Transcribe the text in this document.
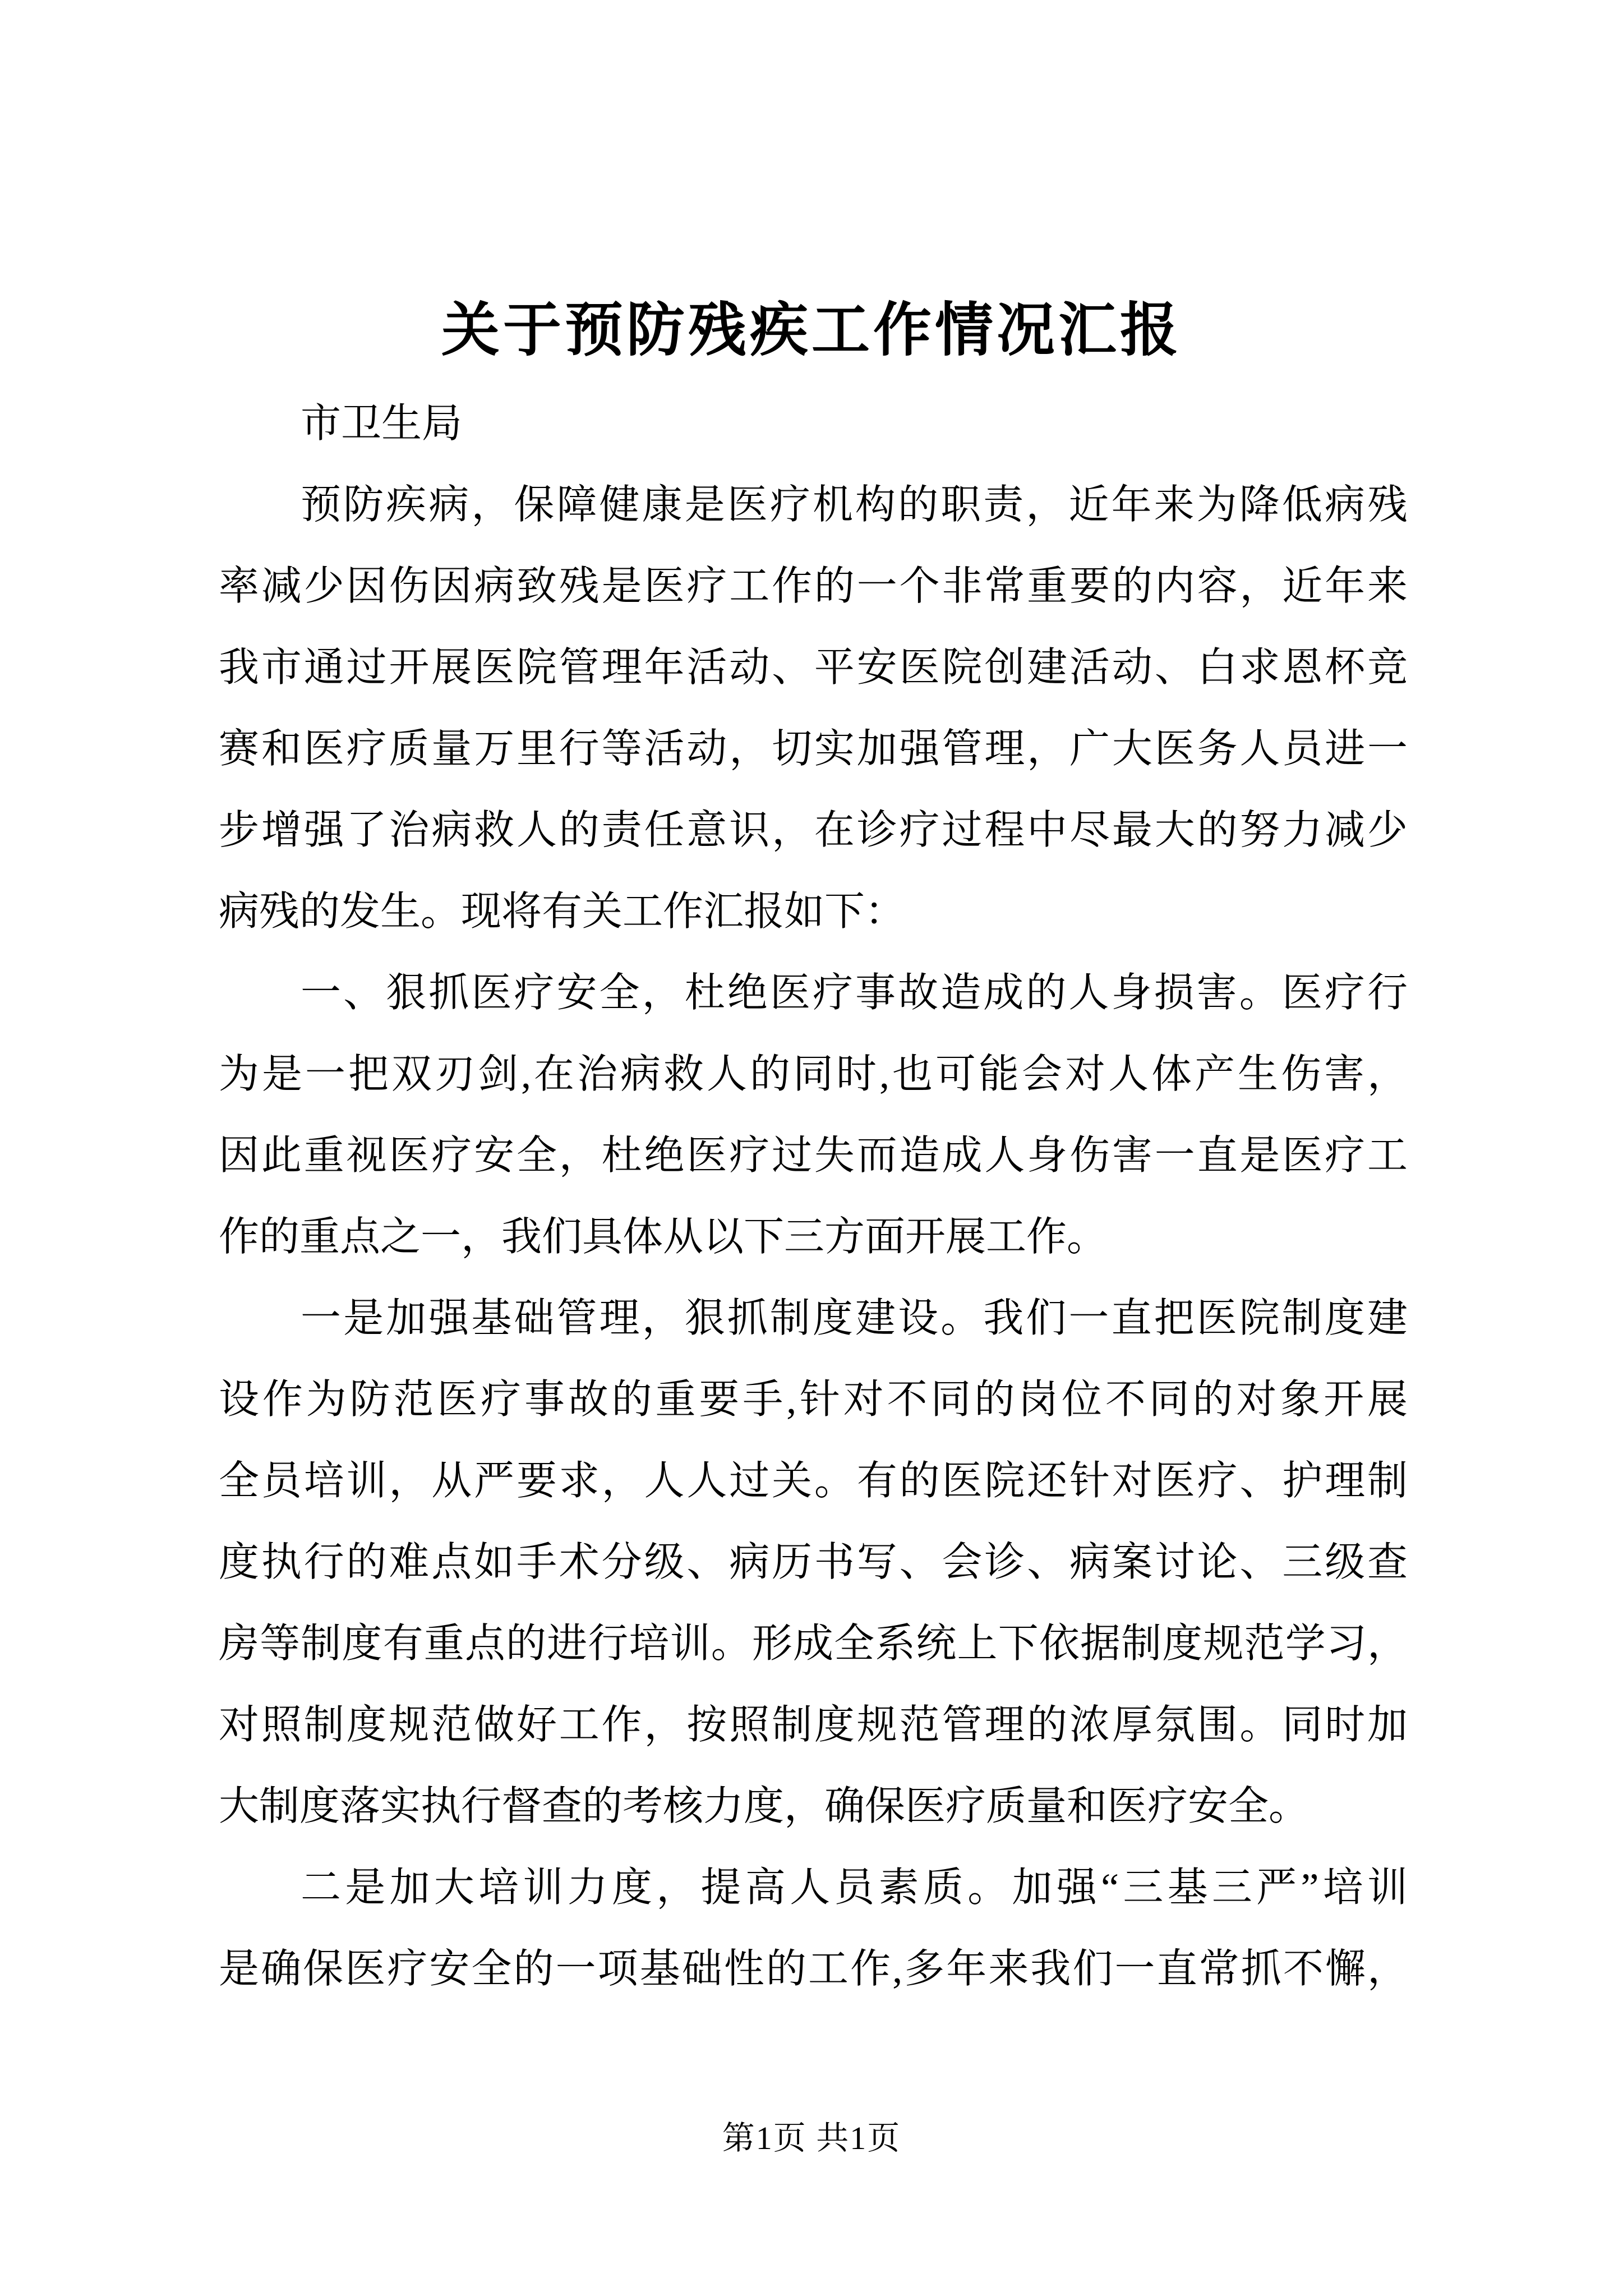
关于预防残疾工作情况汇报
市卫生局
预防疾病，保障健康是医疗机构的职责，近年来为降低病残
率减少因伤因病致残是医疗工作的一个非常重要的内容，近年来
我市通过开展医院管理年活动、平安医院创建活动、白求恩杯竞
赛和医疗质量万里行等活动，切实加强管理，广大医务人员进一
步增强了治病救人的责任意识，在诊疗过程中尽最大的努力减少
病残的发生。现将有关工作汇报如下：
一、狠抓医疗安全，杜绝医疗事故造成的人身损害。医疗行
为是一把双刃剑,在治病救人的同时,也可能会对人体产生伤害，
因此重视医疗安全，杜绝医疗过失而造成人身伤害一直是医疗工
作的重点之一，我们具体从以下三方面开展工作。
一是加强基础管理，狠抓制度建设。我们一直把医院制度建
设作为防范医疗事故的重要手,针对不同的岗位不同的对象开展
全员培训，从严要求，人人过关。有的医院还针对医疗、护理制
度执行的难点如手术分级、病历书写、会诊、病案讨论、三级查
房等制度有重点的进行培训。形成全系统上下依据制度规范学习，
对照制度规范做好工作，按照制度规范管理的浓厚氛围。同时加
大制度落实执行督查的考核力度，确保医疗质量和医疗安全。
二是加大培训力度，提高人员素质。加强“三基三严”培训
是确保医疗安全的一项基础性的工作,多年来我们一直常抓不懈，
第1页 共1页
